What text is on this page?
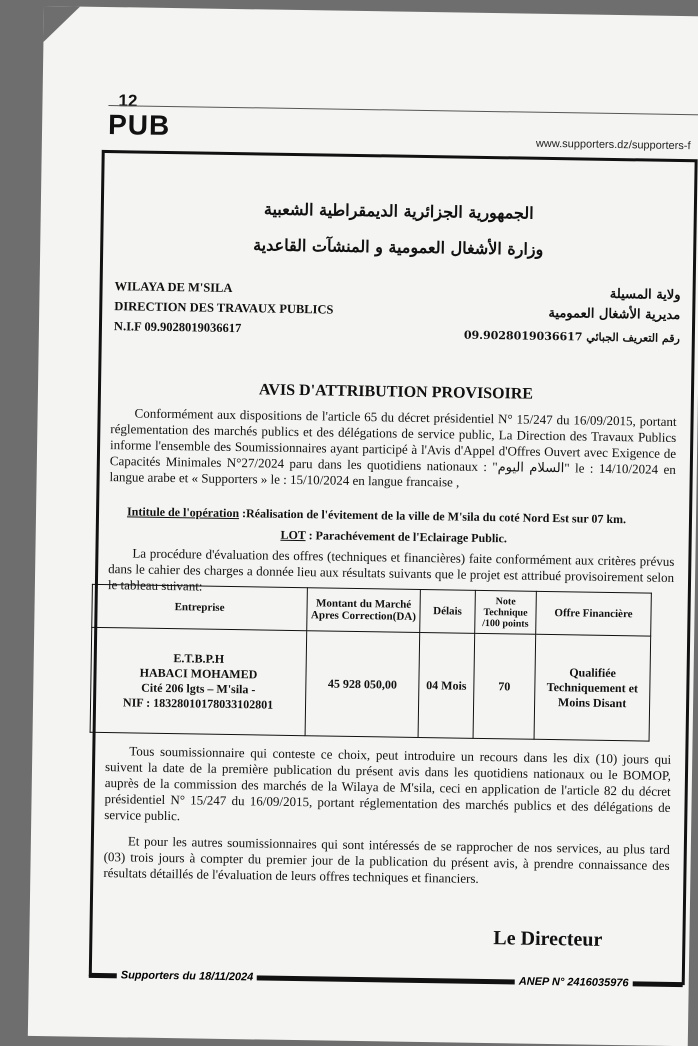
12
PUB
www.supporters.dz/supporters-f
الجمهورية الجزائرية الديمقراطية الشعبية
وزارة الأشغال العمومية و المنشآت القاعدية
WILAYA DE M'SILA
DIRECTION DES TRAVAUX PUBLICS
N.I.F 09.9028019036617
ولاية المسيلة
مديرية الأشغال العمومية
رقم التعريف الجبائي 09.9028019036617
AVIS D'ATTRIBUTION PROVISOIRE
Conformément aux dispositions de l'article 65 du décret présidentiel N° 15/247 du 16/09/2015, portant réglementation des marchés publics et des délégations de service public, La Direction des Travaux Publics informe l'ensemble des Soumissionnaires ayant participé à l'Avis d'Appel d'Offres Ouvert avec Exigence de Capacités Minimales N°27/2024 paru dans les quotidiens nationaux : "السلام اليوم" le : 14/10/2024 en langue arabe et « Supporters » le : 15/10/2024 en langue francaise ,
Intitule de l'opération :Réalisation de l'évitement de la ville de M'sila du coté Nord Est sur 07 km.
LOT : Parachévement de l'Eclairage Public.
La procédure d'évaluation des offres (techniques et financières) faite conformément aux critères prévus dans le cahier des charges a donnée lieu aux résultats suivants que le projet est attribué provisoirement selon le tableau suivant:
Entreprise	Montant du Marché Apres Correction(DA)	Délais	Note Technique /100 points	Offre Financière

E.T.B.P.H
HABACI MOHAMED
Cité 206 lgts – M'sila -
NIF : 18328010178033102801	45 928 050,00	04 Mois	70	Qualifiée Techniquement et Moins Disant
Tous soumissionnaire qui conteste ce choix, peut introduire un recours dans les dix (10) jours qui suivent la date de la première publication du présent avis dans les quotidiens nationaux ou le BOMOP, auprès de la commission des marchés de la Wilaya de M'sila, ceci en application de l'article 82 du décret présidentiel N° 15/247 du 16/09/2015, portant réglementation des marchés publics et des délégations de service public.
Et pour les autres soumissionnaires qui sont intéressés de se rapprocher de nos services, au plus tard (03) trois jours à compter du premier jour de la publication du présent avis, à prendre connaissance des résultats détaillés de l'évaluation de leurs offres techniques et financiers.
Le Directeur
Supporters du 18/11/2024	ANEP N° 2416035976
